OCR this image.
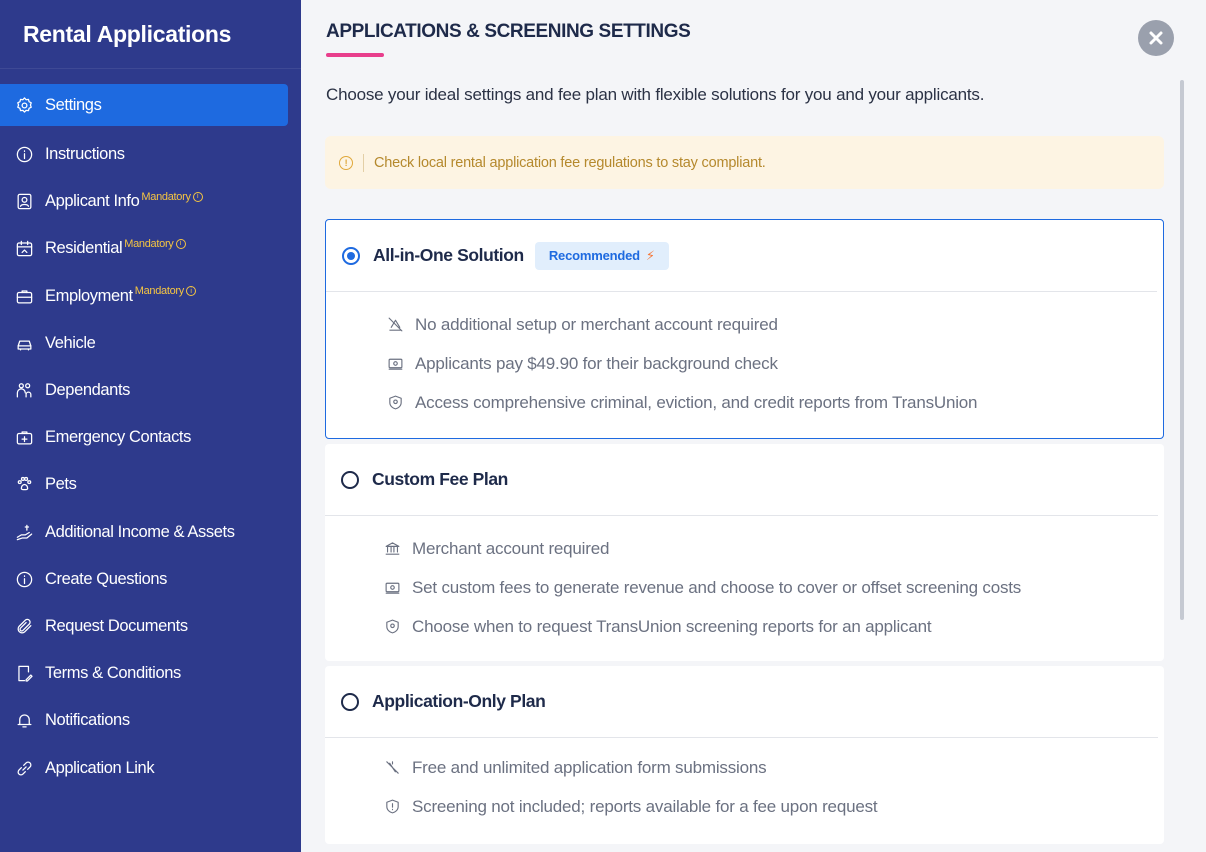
Rental Applications
Settings
Instructions
Applicant Info Mandatory i
Residential Mandatory i
Employment Mandatory i
Vehicle
Dependants
Emergency Contacts
Pets
Additional Income & Assets
Create Questions
Request Documents
Terms & Conditions
Notifications
Application Link
APPLICATIONS & SCREENING SETTINGS

Choose your ideal settings and fee plan with flexible solutions for you and your applicants.

!	Check local rental application fee regulations to stay compliant.
All-in-One Solution Recommended ⚡
No additional setup or merchant account required
Applicants pay $49.90 for their background check
Access comprehensive criminal, eviction, and credit reports from TransUnion
Custom Fee Plan
Merchant account required
Set custom fees to generate revenue and choose to cover or offset screening costs
Choose when to request TransUnion screening reports for an applicant
Application-Only Plan
Free and unlimited application form submissions
Screening not included; reports available for a fee upon request
